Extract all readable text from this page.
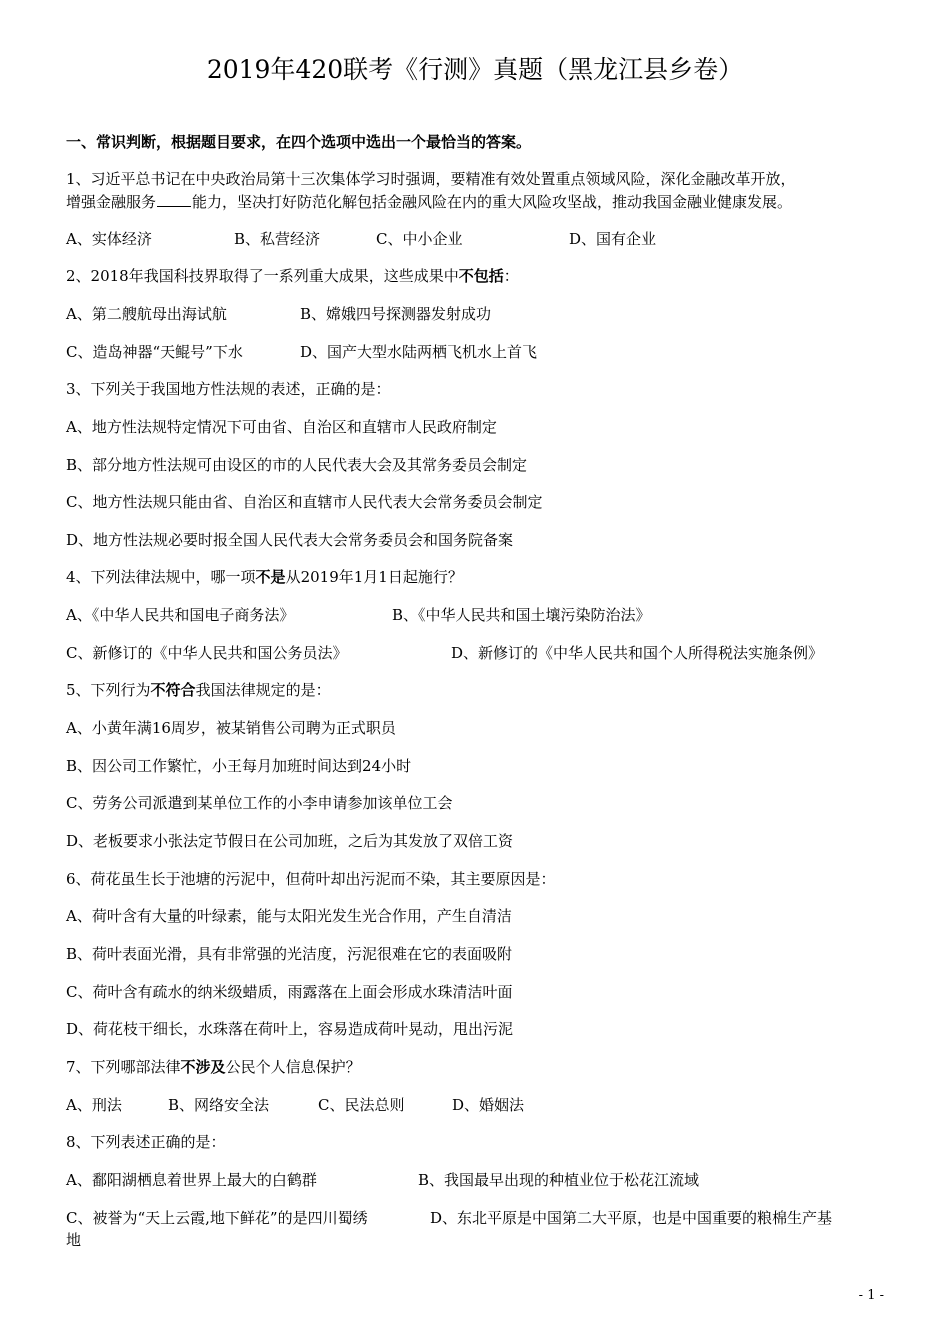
2019年420联考《行测》真题（黑龙江县乡卷）
一、常识判断，根据题目要求，在四个选项中选出一个最恰当的答案。
1、习近平总书记在中央政治局第十三次集体学习时强调，要精准有效处置重点领域风险，深化金融改革开放，
增强金融服务 能力，坚决打好防范化解包括金融风险在内的重大风险攻坚战，推动我国金融业健康发展。
A、实体经济	B、私营经济	C、中小企业	D、国有企业
2、2018年我国科技界取得了一系列重大成果，这些成果中不包括：
A、第二艘航母出海试航	B、嫦娥四号探测器发射成功
C、造岛神器“天鲲号”下水	D、国产大型水陆两栖飞机水上首飞
3、下列关于我国地方性法规的表述，正确的是：
A、地方性法规特定情况下可由省、自治区和直辖市人民政府制定
B、部分地方性法规可由设区的市的人民代表大会及其常务委员会制定
C、地方性法规只能由省、自治区和直辖市人民代表大会常务委员会制定
D、地方性法规必要时报全国人民代表大会常务委员会和国务院备案
4、下列法律法规中，哪一项不是从2019年1月1日起施行？
A、《中华人民共和国电子商务法》	B、《中华人民共和国土壤污染防治法》
C、新修订的《中华人民共和国公务员法》	D、新修订的《中华人民共和国个人所得税法实施条例》
5、下列行为不符合我国法律规定的是：
A、小黄年满16周岁，被某销售公司聘为正式职员
B、因公司工作繁忙，小王每月加班时间达到24小时
C、劳务公司派遣到某单位工作的小李申请参加该单位工会
D、老板要求小张法定节假日在公司加班，之后为其发放了双倍工资
6、荷花虽生长于池塘的污泥中，但荷叶却出污泥而不染，其主要原因是：
A、荷叶含有大量的叶绿素，能与太阳光发生光合作用，产生自清洁
B、荷叶表面光滑，具有非常强的光洁度，污泥很难在它的表面吸附
C、荷叶含有疏水的纳米级蜡质，雨露落在上面会形成水珠清洁叶面
D、荷花枝干细长，水珠落在荷叶上，容易造成荷叶晃动，甩出污泥
7、下列哪部法律不涉及公民个人信息保护？
A、刑法	B、网络安全法	C、民法总则	D、婚姻法
8、下列表述正确的是：
A、鄱阳湖栖息着世界上最大的白鹤群	B、我国最早出现的种植业位于松花江流域
C、被誉为“天上云霞,地下鲜花”的是四川蜀绣	D、东北平原是中国第二大平原，也是中国重要的粮棉生产基
地
- 1 -
